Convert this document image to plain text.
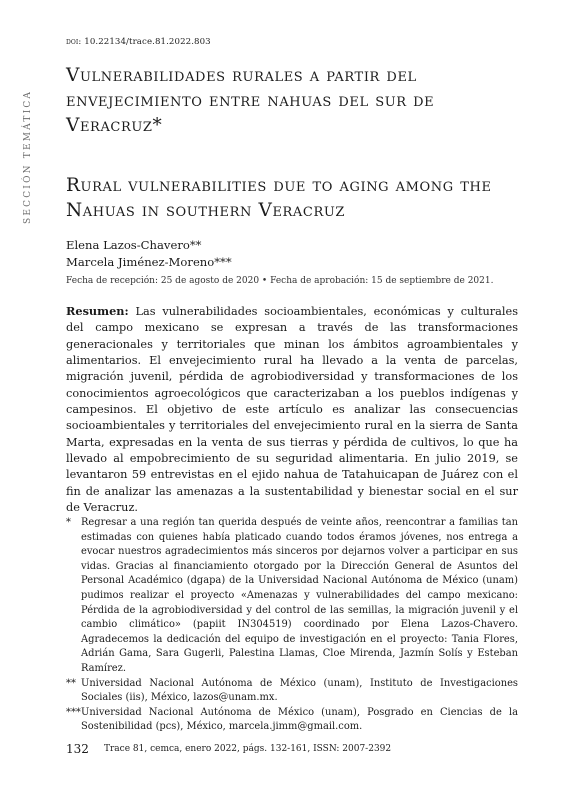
doi: 10.22134/trace.81.2022.803
SECCIÓN TEMÁTICA
Vulnerabilidades rurales a partir del envejecimiento entre nahuas del sur de Veracruz*
Rural vulnerabilities due to aging among the Nahuas in southern Veracruz
Elena Lazos-Chavero**
Marcela Jiménez-Moreno***
Fecha de recepción: 25 de agosto de 2020 • Fecha de aprobación: 15 de septiembre de 2021.

Resumen: Las vulnerabilidades socioambientales, económicas y culturales del campo mexicano se expresan a través de las transformaciones generacionales y territoriales que minan los ámbitos agroambientales y alimentarios. El envejecimiento rural ha llevado a la venta de parcelas, migración juvenil, pérdida de agrobiodiversidad y transformaciones de los conocimientos agroecológicos que caracterizaban a los pueblos indígenas y campesinos. El objetivo de este artículo es analizar las consecuencias socioambientales y territoriales del envejecimiento rural en la sierra de Santa Marta, expresadas en la venta de sus tierras y pérdida de cultivos, lo que ha llevado al empobrecimiento de su seguridad alimentaria. En julio 2019, se levantaron 59 entrevistas en el ejido nahua de Tatahuicapan de Juárez con el fin de analizar las amenazas a la sustentabilidad y bienestar social en el sur de Veracruz.

* Regresar a una región tan querida después de veinte años, reencontrar a familias tan estimadas con quienes había platicado cuando todos éramos jóvenes, nos entrega a evocar nuestros agradecimientos más sinceros por dejarnos volver a participar en sus vidas. Gracias al financiamiento otorgado por la Dirección General de Asuntos del Personal Académico (dgapa) de la Universidad Nacional Autónoma de México (unam) pudimos realizar el proyecto «Amenazas y vulnerabilidades del campo mexicano: Pérdida de la agrobiodiversidad y del control de las semillas, la migración juvenil y el cambio climático» (papiit IN304519) coordinado por Elena Lazos-Chavero. Agradecemos la dedicación del equipo de investigación en el proyecto: Tania Flores, Adrián Gama, Sara Gugerli, Palestina Llamas, Cloe Mirenda, Jazmín Solís y Esteban Ramírez.

** Universidad Nacional Autónoma de México (unam), Instituto de Investigaciones Sociales (iis), México, lazos@unam.mx.

*** Universidad Nacional Autónoma de México (unam), Posgrado en Ciencias de la Sostenibilidad (pcs), México, marcela.jimm@gmail.com.

132 Trace 81, cemca, enero 2022, págs. 132-161, ISSN: 2007-2392
